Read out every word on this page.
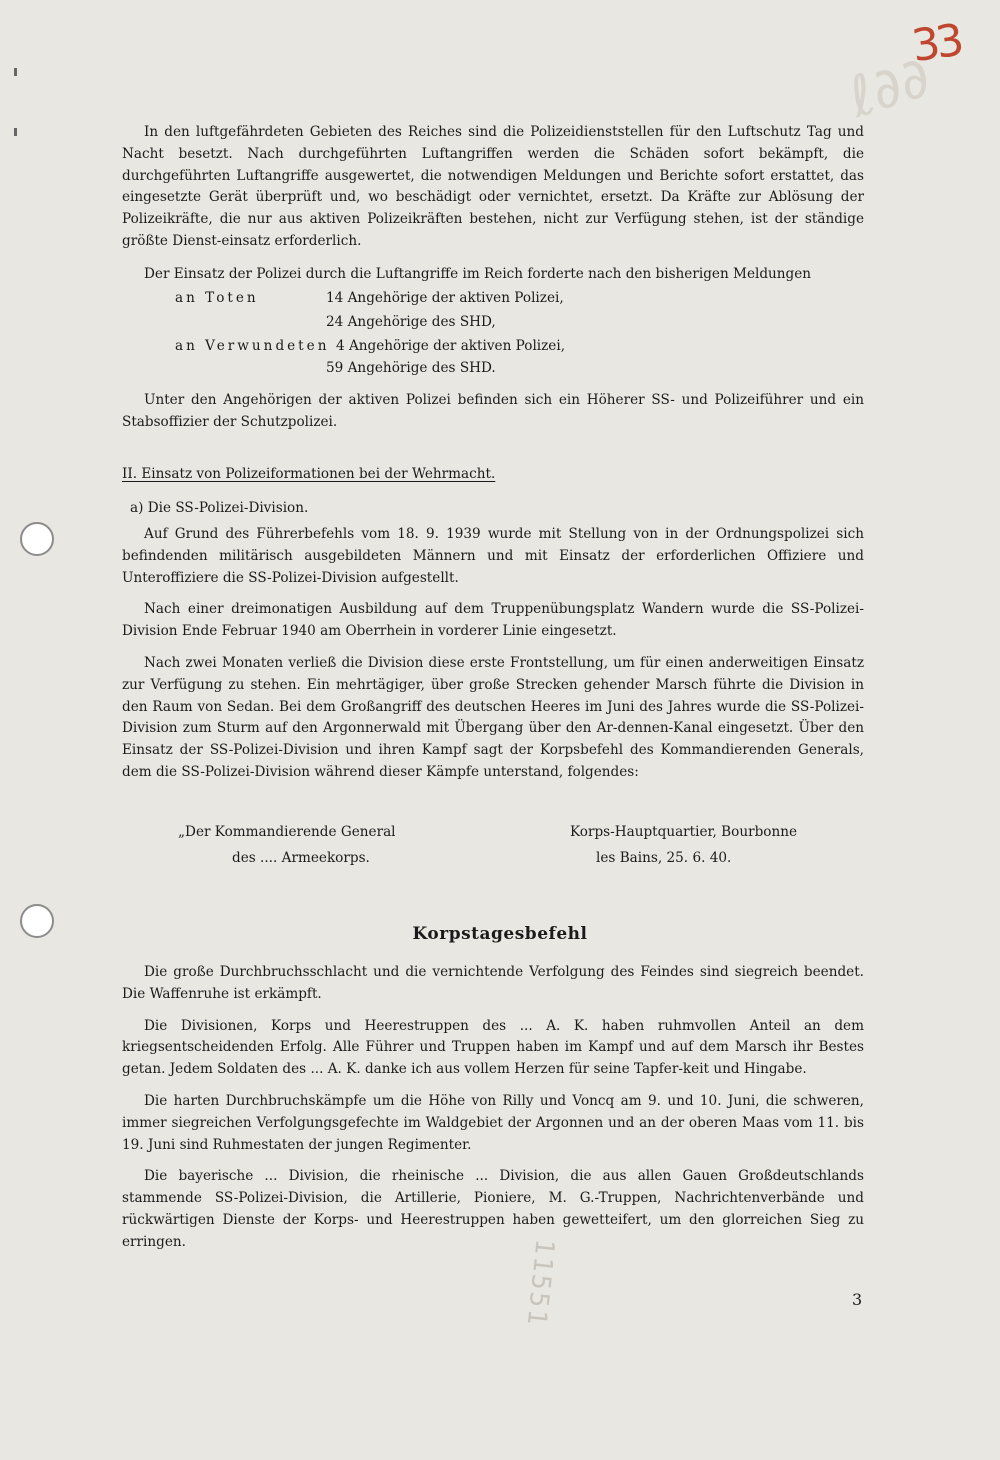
ℓ∂∂
33

In den luftgefährdeten Gebieten des Reiches sind die Polizeidienststellen für den Luftschutz Tag und Nacht besetzt. Nach durchgeführten Luftangriffen werden die Schäden sofort bekämpft, die durchgeführten Luftangriffe ausgewertet, die notwendigen Meldungen und Berichte sofort erstattet, das eingesetzte Gerät überprüft und, wo beschädigt oder vernichtet, ersetzt. Da Kräfte zur Ablösung der Polizeikräfte, die nur aus aktiven Polizeikräften bestehen, nicht zur Verfügung stehen, ist der ständige größte Dienst-einsatz erforderlich.

Der Einsatz der Polizei durch die Luftangriffe im Reich forderte nach den bisherigen Meldungen

an Toten	14 Angehörige der aktiven Polizei,
24 Angehörige des SHD,
an Verwundeten 4 Angehörige der aktiven Polizei,
59 Angehörige des SHD.

Unter den Angehörigen der aktiven Polizei befinden sich ein Höherer SS- und Polizeiführer und ein Stabsoffizier der Schutzpolizei.

II. Einsatz von Polizeiformationen bei der Wehrmacht.
a) Die SS-Polizei-Division.

Auf Grund des Führerbefehls vom 18. 9. 1939 wurde mit Stellung von in der Ordnungspolizei sich befindenden militärisch ausgebildeten Männern und mit Einsatz der erforderlichen Offiziere und Unteroffiziere die SS-Polizei-Division aufgestellt.

Nach einer dreimonatigen Ausbildung auf dem Truppenübungsplatz Wandern wurde die SS-Polizei-Division Ende Februar 1940 am Oberrhein in vorderer Linie eingesetzt.

Nach zwei Monaten verließ die Division diese erste Frontstellung, um für einen anderweitigen Einsatz zur Verfügung zu stehen. Ein mehrtägiger, über große Strecken gehender Marsch führte die Division in den Raum von Sedan. Bei dem Großangriff des deutschen Heeres im Juni des Jahres wurde die SS-Polizei-Division zum Sturm auf den Argonnerwald mit Übergang über den Ar-dennen-Kanal eingesetzt. Über den Einsatz der SS-Polizei-Division und ihren Kampf sagt der Korpsbefehl des Kommandierenden Generals, dem die SS-Polizei-Division während dieser Kämpfe unterstand, folgendes:

„Der Kommandierende General
des .... Armeekorps.
Korps-Hauptquartier, Bourbonne
les Bains, 25. 6. 40.
Korpstagesbefehl

Die große Durchbruchsschlacht und die vernichtende Verfolgung des Feindes sind siegreich beendet. Die Waffenruhe ist erkämpft.

Die Divisionen, Korps und Heerestruppen des ... A. K. haben ruhmvollen Anteil an dem kriegsentscheidenden Erfolg. Alle Führer und Truppen haben im Kampf und auf dem Marsch ihr Bestes getan. Jedem Soldaten des ... A. K. danke ich aus vollem Herzen für seine Tapfer-keit und Hingabe.

Die harten Durchbruchskämpfe um die Höhe von Rilly und Voncq am 9. und 10. Juni, die schweren, immer siegreichen Verfolgungsgefechte im Waldgebiet der Argonnen und an der oberen Maas vom 11. bis 19. Juni sind Ruhmestaten der jungen Regimenter.

Die bayerische ... Division, die rheinische ... Division, die aus allen Gauen Großdeutschlands stammende SS-Polizei-Division, die Artillerie, Pioniere, M. G.-Truppen, Nachrichtenverbände und rückwärtigen Dienste der Korps- und Heerestruppen haben gewetteifert, um den glorreichen Sieg zu erringen.	11551	3
